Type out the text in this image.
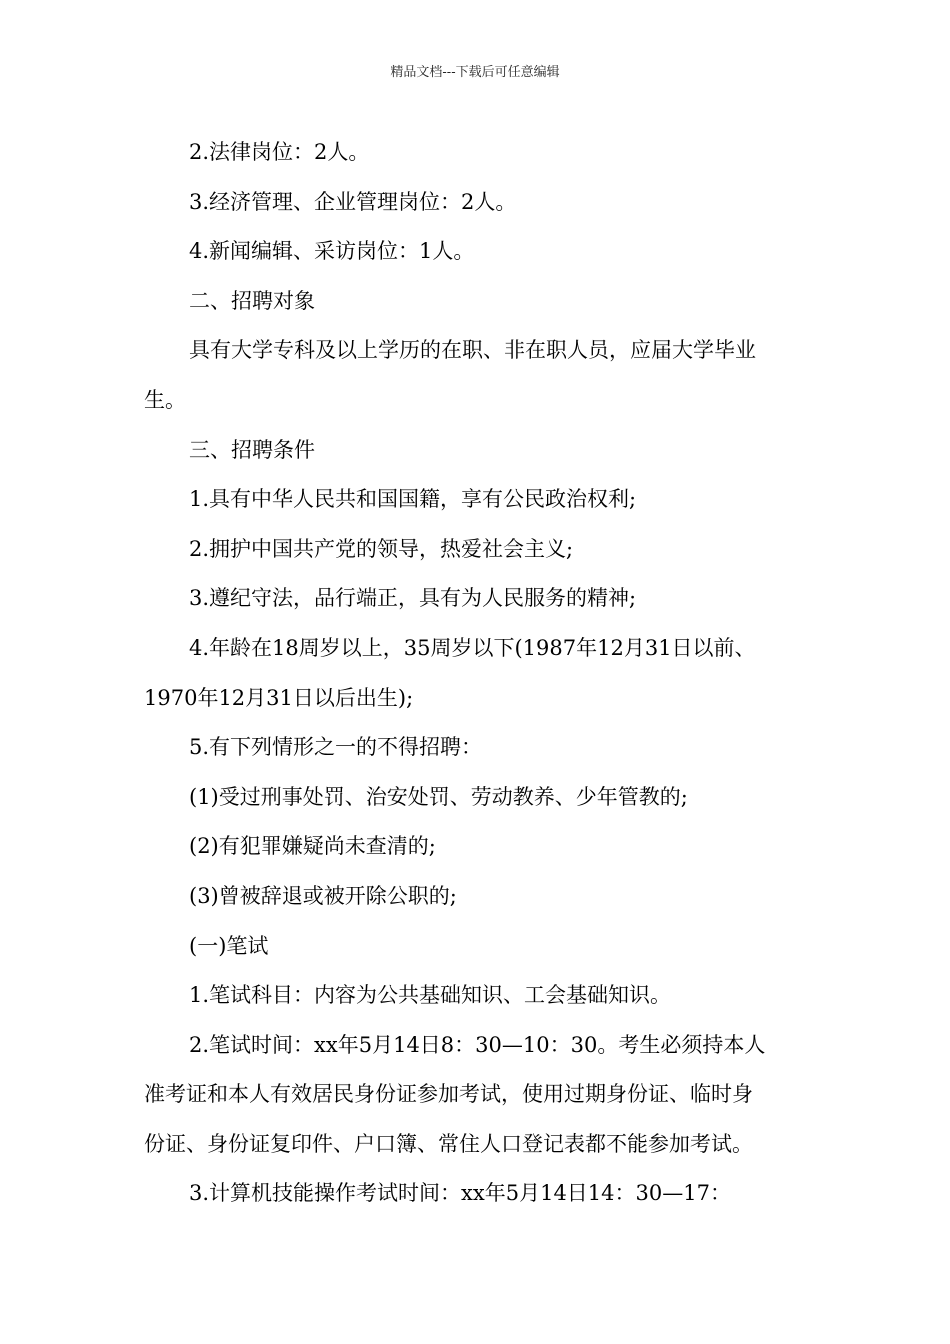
精品文档---下载后可任意编辑
2.法律岗位：2人。
3.经济管理、企业管理岗位：2人。
4.新闻编辑、采访岗位：1人。
二、招聘对象
具有大学专科及以上学历的在职、非在职人员，应届大学毕业
生。
三、招聘条件
1.具有中华人民共和国国籍，享有公民政治权利;
2.拥护中国共产党的领导，热爱社会主义;
3.遵纪守法，品行端正，具有为人民服务的精神;
4.年龄在18周岁以上，35周岁以下(1987年12月31日以前、
1970年12月31日以后出生);
5.有下列情形之一的不得招聘：
(1)受过刑事处罚、治安处罚、劳动教养、少年管教的;
(2)有犯罪嫌疑尚未查清的;
(3)曾被辞退或被开除公职的;
(一)笔试
1.笔试科目：内容为公共基础知识、工会基础知识。
2.笔试时间：xx年5月14日8：30—10：30。考生必须持本人
准考证和本人有效居民身份证参加考试，使用过期身份证、临时身
份证、身份证复印件、户口簿、常住人口登记表都不能参加考试。
3.计算机技能操作考试时间：xx年5月14日14：30—17：
